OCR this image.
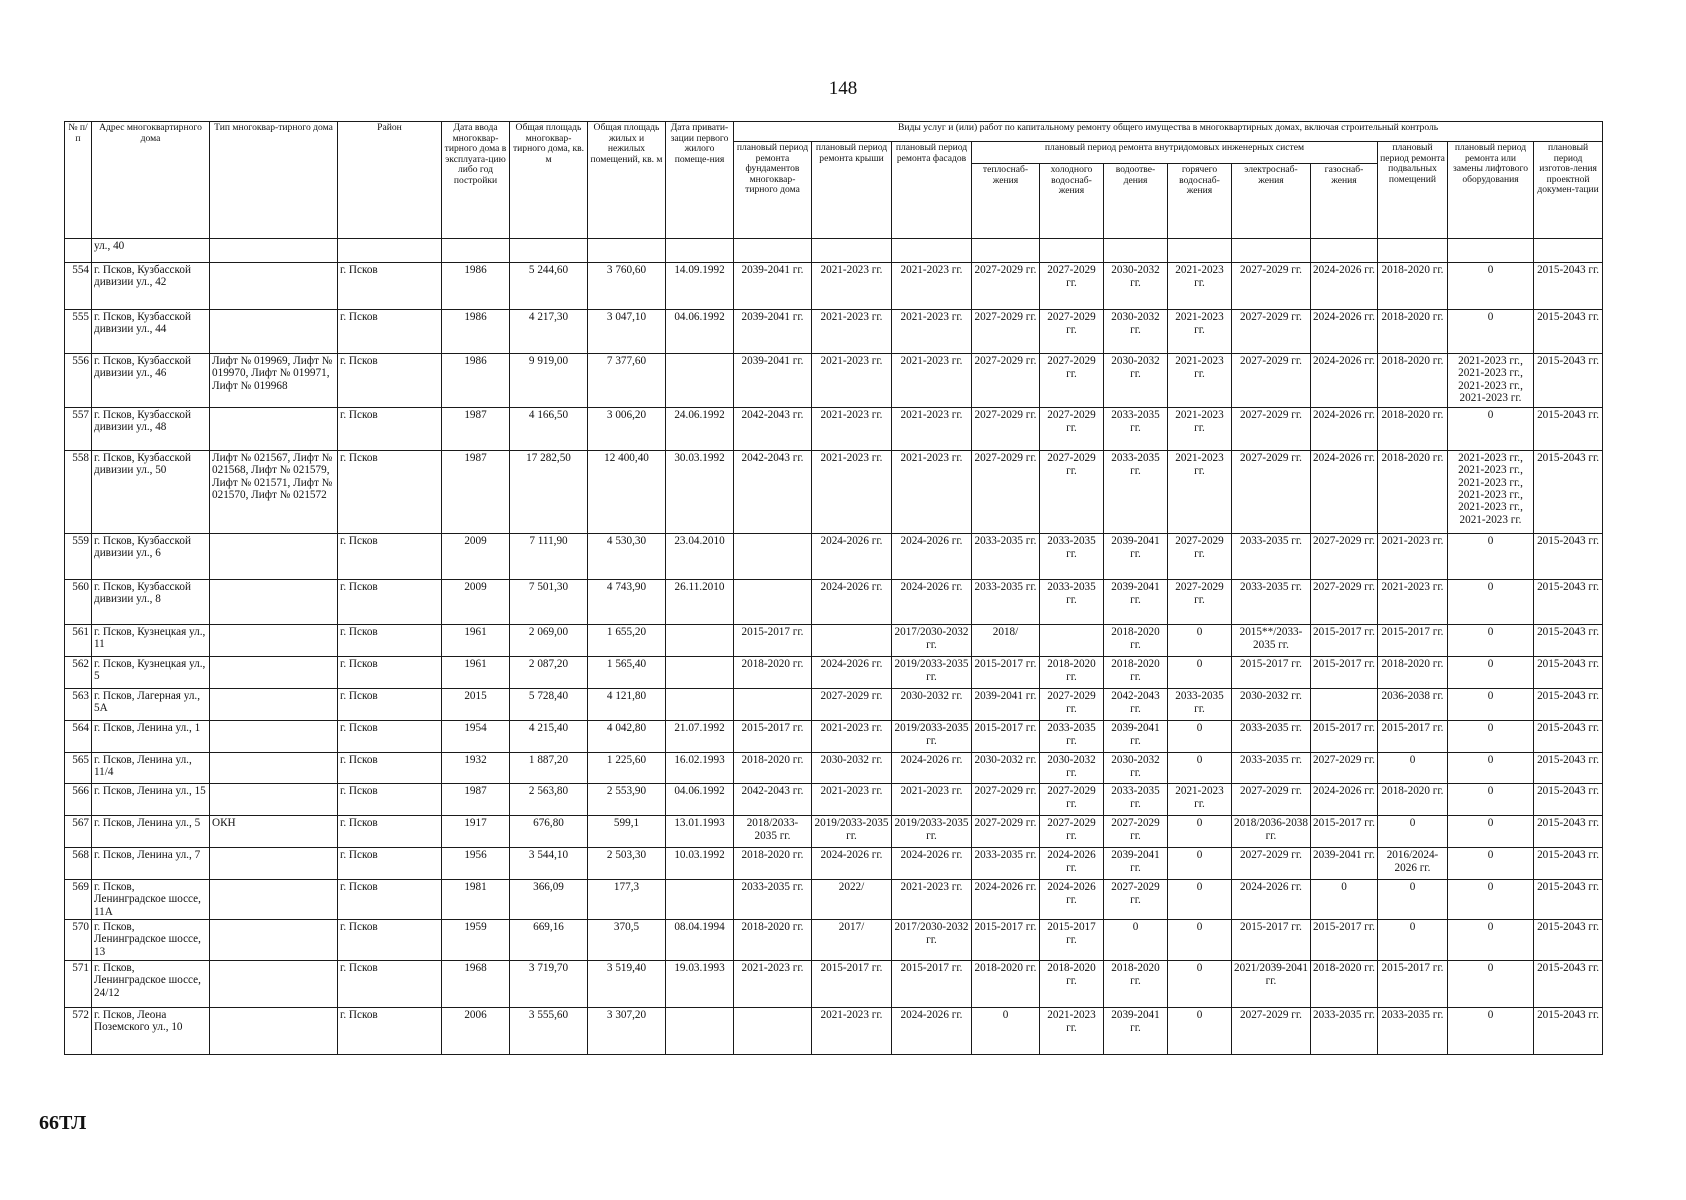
148
№ п/п	Адрес многоквартирного дома	Тип многоквар-тирного дома	Район	Дата ввода многоквар-тирного дома в эксплуата-цию либо год постройки	Общая площадь многоквар-тирного дома, кв. м	Общая площадь жилых и нежилых помещений, кв. м	Дата привати-зации первого жилого помеще-ния	Виды услуг и (или) работ по капитальному ремонту общего имущества в многоквартирных домах, включая строительный контроль											
								плановый период ремонта фундаментов многоквар-тирного дома	плановый период ремонта крыши	плановый период ремонта фасадов	плановый период ремонта внутридомовых инженерных систем						плановый период ремонта подвальных помещений	плановый период ремонта или замены лифтового оборудования	плановый период изготов-ления проектной докумен-тации
											теплоснаб-жения	холодного водоснаб-жения	водоотве-дения	горячего водоснаб-жения	электроснаб-жения	газоснаб-жения			
	ул., 40																		
554	г. Псков, Кузбасской дивизии ул., 42		г. Псков	1986	5 244,60	3 760,60	14.09.1992	2039-2041 гг.	2021-2023 гг.	2021-2023 гг.	2027-2029 гг.	2027-2029 гг.	2030-2032 гг.	2021-2023 гг.	2027-2029 гг.	2024-2026 гг.	2018-2020 гг.	0	2015-2043 гг.
555	г. Псков, Кузбасской дивизии ул., 44		г. Псков	1986	4 217,30	3 047,10	04.06.1992	2039-2041 гг.	2021-2023 гг.	2021-2023 гг.	2027-2029 гг.	2027-2029 гг.	2030-2032 гг.	2021-2023 гг.	2027-2029 гг.	2024-2026 гг.	2018-2020 гг.	0	2015-2043 гг.
556	г. Псков, Кузбасской дивизии ул., 46	Лифт № 019969, Лифт № 019970, Лифт № 019971, Лифт № 019968	г. Псков	1986	9 919,00	7 377,60		2039-2041 гг.	2021-2023 гг.	2021-2023 гг.	2027-2029 гг.	2027-2029 гг.	2030-2032 гг.	2021-2023 гг.	2027-2029 гг.	2024-2026 гг.	2018-2020 гг.	2021-2023 гг., 2021-2023 гг., 2021-2023 гг., 2021-2023 гг.	2015-2043 гг.
557	г. Псков, Кузбасской дивизии ул., 48		г. Псков	1987	4 166,50	3 006,20	24.06.1992	2042-2043 гг.	2021-2023 гг.	2021-2023 гг.	2027-2029 гг.	2027-2029 гг.	2033-2035 гг.	2021-2023 гг.	2027-2029 гг.	2024-2026 гг.	2018-2020 гг.	0	2015-2043 гг.
558	г. Псков, Кузбасской дивизии ул., 50	Лифт № 021567, Лифт № 021568, Лифт № 021579, Лифт № 021571, Лифт № 021570, Лифт № 021572	г. Псков	1987	17 282,50	12 400,40	30.03.1992	2042-2043 гг.	2021-2023 гг.	2021-2023 гг.	2027-2029 гг.	2027-2029 гг.	2033-2035 гг.	2021-2023 гг.	2027-2029 гг.	2024-2026 гг.	2018-2020 гг.	2021-2023 гг., 2021-2023 гг., 2021-2023 гг., 2021-2023 гг., 2021-2023 гг., 2021-2023 гг.	2015-2043 гг.
559	г. Псков, Кузбасской дивизии ул., 6		г. Псков	2009	7 111,90	4 530,30	23.04.2010		2024-2026 гг.	2024-2026 гг.	2033-2035 гг.	2033-2035 гг.	2039-2041 гг.	2027-2029 гг.	2033-2035 гг.	2027-2029 гг.	2021-2023 гг.	0	2015-2043 гг.
560	г. Псков, Кузбасской дивизии ул., 8		г. Псков	2009	7 501,30	4 743,90	26.11.2010		2024-2026 гг.	2024-2026 гг.	2033-2035 гг.	2033-2035 гг.	2039-2041 гг.	2027-2029 гг.	2033-2035 гг.	2027-2029 гг.	2021-2023 гг.	0	2015-2043 гг.
561	г. Псков, Кузнецкая ул., 11		г. Псков	1961	2 069,00	1 655,20		2015-2017 гг.		2017/2030-2032 гг.	2018/		2018-2020 гг.	0	2015**/2033-2035 гг.	2015-2017 гг.	2015-2017 гг.	0	2015-2043 гг.
562	г. Псков, Кузнецкая ул., 5		г. Псков	1961	2 087,20	1 565,40		2018-2020 гг.	2024-2026 гг.	2019/2033-2035 гг.	2015-2017 гг.	2018-2020 гг.	2018-2020 гг.	0	2015-2017 гг.	2015-2017 гг.	2018-2020 гг.	0	2015-2043 гг.
563	г. Псков, Лагерная ул., 5А		г. Псков	2015	5 728,40	4 121,80			2027-2029 гг.	2030-2032 гг.	2039-2041 гг.	2027-2029 гг.	2042-2043 гг.	2033-2035 гг.	2030-2032 гг.		2036-2038 гг.	0	2015-2043 гг.
564	г. Псков, Ленина ул., 1		г. Псков	1954	4 215,40	4 042,80	21.07.1992	2015-2017 гг.	2021-2023 гг.	2019/2033-2035 гг.	2015-2017 гг.	2033-2035 гг.	2039-2041 гг.	0	2033-2035 гг.	2015-2017 гг.	2015-2017 гг.	0	2015-2043 гг.
565	г. Псков, Ленина ул., 11/4		г. Псков	1932	1 887,20	1 225,60	16.02.1993	2018-2020 гг.	2030-2032 гг.	2024-2026 гг.	2030-2032 гг.	2030-2032 гг.	2030-2032 гг.	0	2033-2035 гг.	2027-2029 гг.	0	0	2015-2043 гг.
566	г. Псков, Ленина ул., 15		г. Псков	1987	2 563,80	2 553,90	04.06.1992	2042-2043 гг.	2021-2023 гг.	2021-2023 гг.	2027-2029 гг.	2027-2029 гг.	2033-2035 гг.	2021-2023 гг.	2027-2029 гг.	2024-2026 гг.	2018-2020 гг.	0	2015-2043 гг.
567	г. Псков, Ленина ул., 5	ОКН	г. Псков	1917	676,80	599,1	13.01.1993	2018/2033-2035 гг.	2019/2033-2035 гг.	2019/2033-2035 гг.	2027-2029 гг.	2027-2029 гг.	2027-2029 гг.	0	2018/2036-2038 гг.	2015-2017 гг.	0	0	2015-2043 гг.
568	г. Псков, Ленина ул., 7		г. Псков	1956	3 544,10	2 503,30	10.03.1992	2018-2020 гг.	2024-2026 гг.	2024-2026 гг.	2033-2035 гг.	2024-2026 гг.	2039-2041 гг.	0	2027-2029 гг.	2039-2041 гг.	2016/2024-2026 гг.	0	2015-2043 гг.
569	г. Псков, Ленинградское шоссе, 11А		г. Псков	1981	366,09	177,3		2033-2035 гг.	2022/	2021-2023 гг.	2024-2026 гг.	2024-2026 гг.	2027-2029 гг.	0	2024-2026 гг.	0	0	0	2015-2043 гг.
570	г. Псков, Ленинградское шоссе, 13		г. Псков	1959	669,16	370,5	08.04.1994	2018-2020 гг.	2017/	2017/2030-2032 гг.	2015-2017 гг.	2015-2017 гг.	0	0	2015-2017 гг.	2015-2017 гг.	0	0	2015-2043 гг.
571	г. Псков, Ленинградское шоссе, 24/12		г. Псков	1968	3 719,70	3 519,40	19.03.1993	2021-2023 гг.	2015-2017 гг.	2015-2017 гг.	2018-2020 гг.	2018-2020 гг.	2018-2020 гг.	0	2021/2039-2041 гг.	2018-2020 гг.	2015-2017 гг.	0	2015-2043 гг.
572	г. Псков, Леона Поземского ул., 10		г. Псков	2006	3 555,60	3 307,20			2021-2023 гг.	2024-2026 гг.	0	2021-2023 гг.	2039-2041 гг.	0	2027-2029 гг.	2033-2035 гг.	2033-2035 гг.	0	2015-2043 гг.
66ТЛ
